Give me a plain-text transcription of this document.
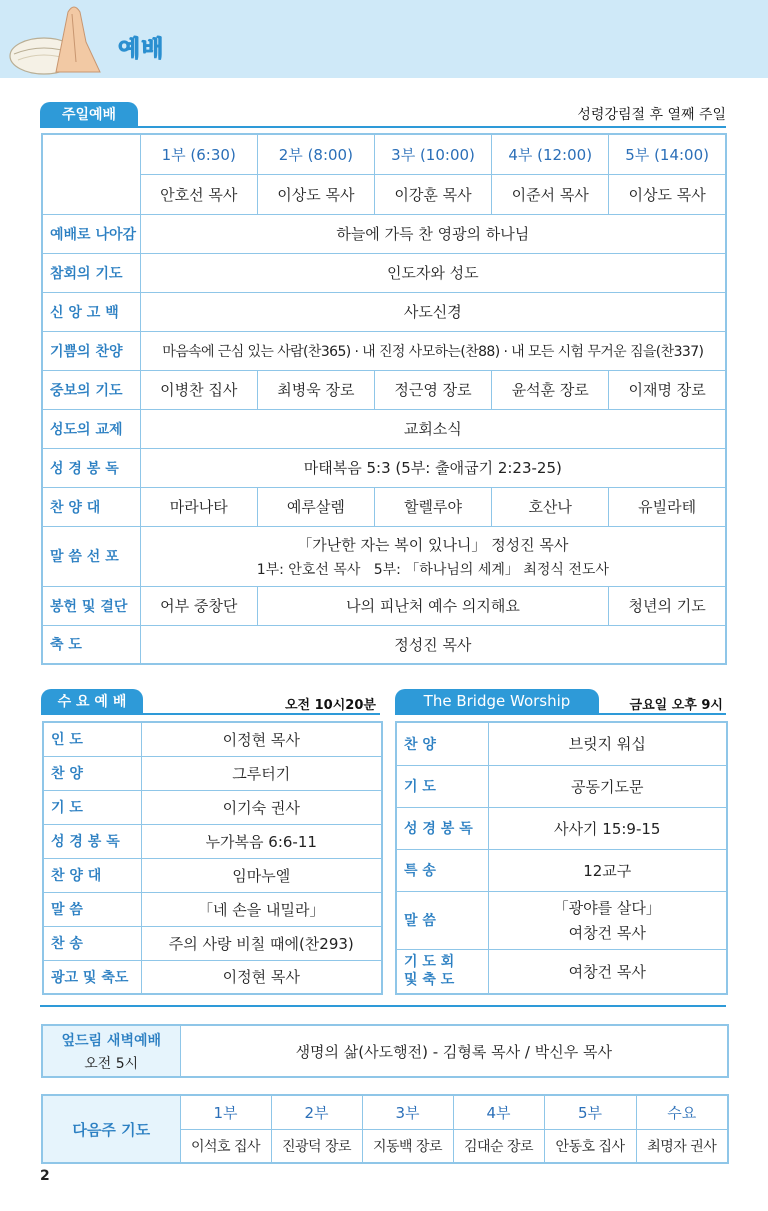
예배
주일예배	성령강림절 후 열째 주일
	1부 (6:30)	2부 (8:00)	3부 (10:00)	4부 (12:00)	5부 (14:00)
	안호선 목사	이상도 목사	이강훈 목사	이준서 목사	이상도 목사
예배로 나아감	하늘에 가득 찬 영광의 하나님				
참회의 기도	인도자와 성도				
신 앙 고 백	사도신경				
기쁨의 찬양	마음속에 근심 있는 사람(찬365) · 내 진정 사모하는(찬88) · 내 모든 시험 무거운 짐을(찬337)				
중보의 기도	이병찬 집사	최병욱 장로	정근영 장로	윤석훈 장로	이재명 장로
성도의 교제	교회소식				
성 경 봉 독	마태복음 5:3 (5부: 출애굽기 2:23-25)				
찬 양 대	마라나타	예루살렘	할렐루야	호산나	유빌라테
말 씀 선 포	「가난한 자는 복이 있나니」 정성진 목사
1부: 안호선 목사   5부: 「하나님의 세계」 최정식 전도사				

봉헌 및 결단	어부 중창단	나의 피난처 예수 의지해요			청년의 기도
축 도	정성진 목사				
수 요 예 배	오전 10시20분
인 도	이정현 목사
찬 양	그루터기
기 도	이기숙 권사
성 경 봉 독	누가복음 6:6-11
찬 양 대	임마누엘
말 씀	「네 손을 내밀라」
찬 송	주의 사랑 비칠 때에(찬293)
광고 및 축도	이정현 목사
The Bridge Worship	금요일 오후 9시
찬 양	브릿지 워십
기 도	공동기도문
성 경 봉 독	사사기 15:9-15
특 송	12교구
말 씀	「광야를 살다」
여창건 목사

기 도 회
및 축 도	여창건 목사
엎드림 새벽예배
오전 5시
	생명의 삶(사도행전) - 김형록 목사 / 박신우 목사
다음주 기도	1부	2부	3부	4부	5부	수요
	이석호 집사	진광덕 장로	지동백 장로	김대순 장로	안동호 집사	최명자 권사
2
